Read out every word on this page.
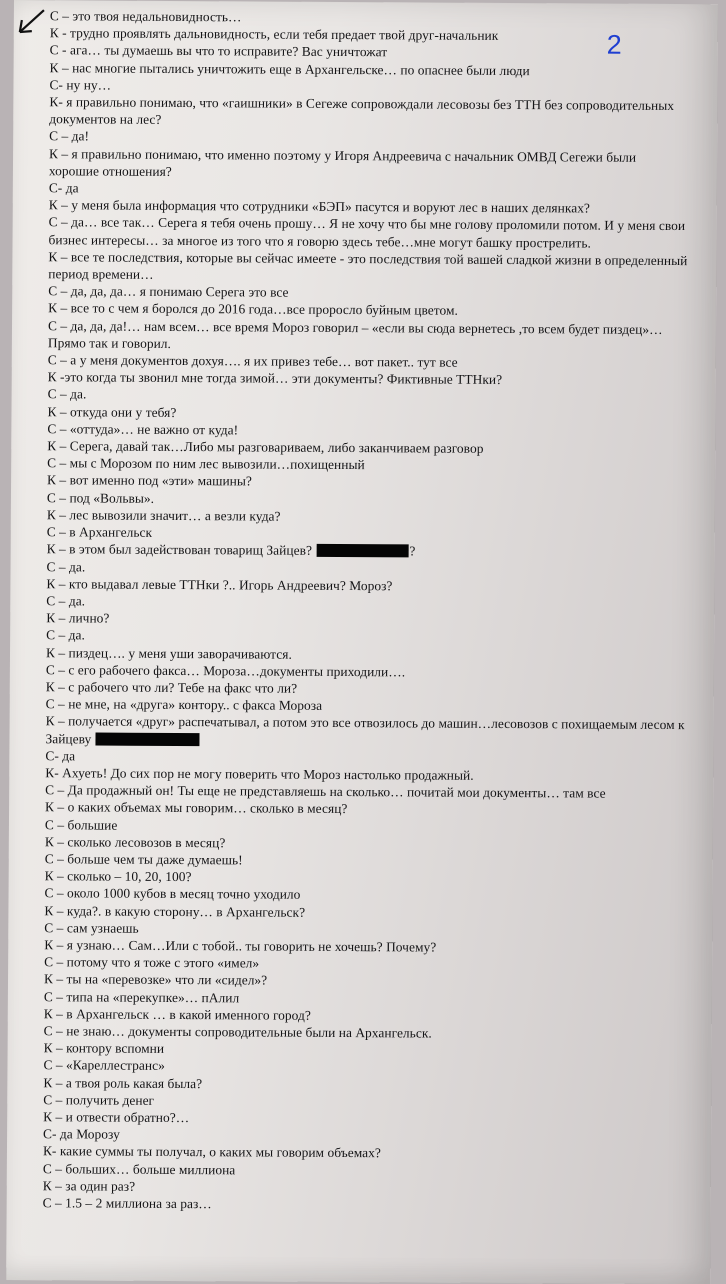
2
С – это твоя недальновидность…
К - трудно проявлять дальновидность, если тебя предает твой друг-начальник
С - ага… ты думаешь вы что то исправите? Вас уничтожат
К – нас многие пытались уничтожить еще в Архангельске… по опаснее были люди
С- ну ну…
К- я правильно понимаю, что «гаишники» в Сегеже сопровождали лесовозы без ТТН без сопроводительных документов на лес?
С – да!
К – я правильно понимаю, что именно поэтому у Игоря Андреевича с начальник ОМВД Сегежи были хорошие отношения?
С- да
К – у меня была информация что сотрудники «БЭП» пасутся и воруют лес в наших делянках?
С – да… все так… Серега я тебя очень прошу… Я не хочу что бы мне голову проломили потом. И у меня свои бизнес интересы… за многое из того что я говорю здесь тебе…мне могут башку прострелить.
К – все те последствия, которые вы сейчас имеете - это последствия той вашей сладкой жизни в определенный период времени…
С – да, да, да… я понимаю Серега это все
К – все то с чем я боролся до 2016 года…все проросло буйным цветом.
С – да, да, да!… нам всем… все время Мороз говорил – «если вы сюда вернетесь ,то всем будет пиздец»… Прямо так и говорил.
С – а у меня документов дохуя…. я их привез тебе… вот пакет.. тут все
К -это когда ты звонил мне тогда зимой… эти документы? Фиктивные ТТНки?
С – да.
К – откуда они у тебя?
С – «оттуда»… не важно от куда!
К – Серега, давай так…Либо мы разговариваем, либо заканчиваем разговор
С – мы с Морозом по ним лес вывозили…похищенный
К – вот именно под «эти» машины?
С – под «Вольвы».
К – лес вывозили значит… а везли куда?
С – в Архангельск
К – в этом был задействован товарищ Зайцев?	?
С – да.
К – кто выдавал левые ТТНки ?.. Игорь Андреевич? Мороз?
С – да.
К – лично?
С – да.
К – пиздец…. у меня уши заворачиваются.
С – с его рабочего факса… Мороза…документы приходили….
К – с рабочего что ли? Тебе на факс что ли?
С – не мне, на «друга» контору.. с факса Мороза
К – получается «друг» распечатывал, а потом это все отвозилось до машин…лесовозов с похищаемым лесом к Зайцеву
С- да
К- Ахуеть! До сих пор не могу поверить что Мороз настолько продажный.
С – Да продажный он! Ты еще не представляешь на сколько… почитай мои документы… там все
К – о каких объемах мы говорим… сколько в месяц?
С – большие
К – сколько лесовозов в месяц?
С – больше чем ты даже думаешь!
К – сколько – 10, 20, 100?
С – около 1000 кубов в месяц точно уходило
К – куда?. в какую сторону… в Архангельск?
С – сам узнаешь
К – я узнаю… Сам…Или с тобой.. ты говорить не хочешь? Почему?
С – потому что я тоже с этого «имел»
К – ты на «перевозке» что ли «сидел»?
С – типа на «перекупке»… пАлил
К – в Архангельск … в какой именного город?
С – не знаю… документы сопроводительные были на Архангельск.
К – контору вспомни
С – «Кареллестранс»
К – а твоя роль какая была?
С – получить денег
К – и отвести обратно?…
С- да Морозу
К- какие суммы ты получал, о каких мы говорим объемах?
С – больших… больше миллиона
К – за один раз?
С – 1.5 – 2 миллиона за раз…
